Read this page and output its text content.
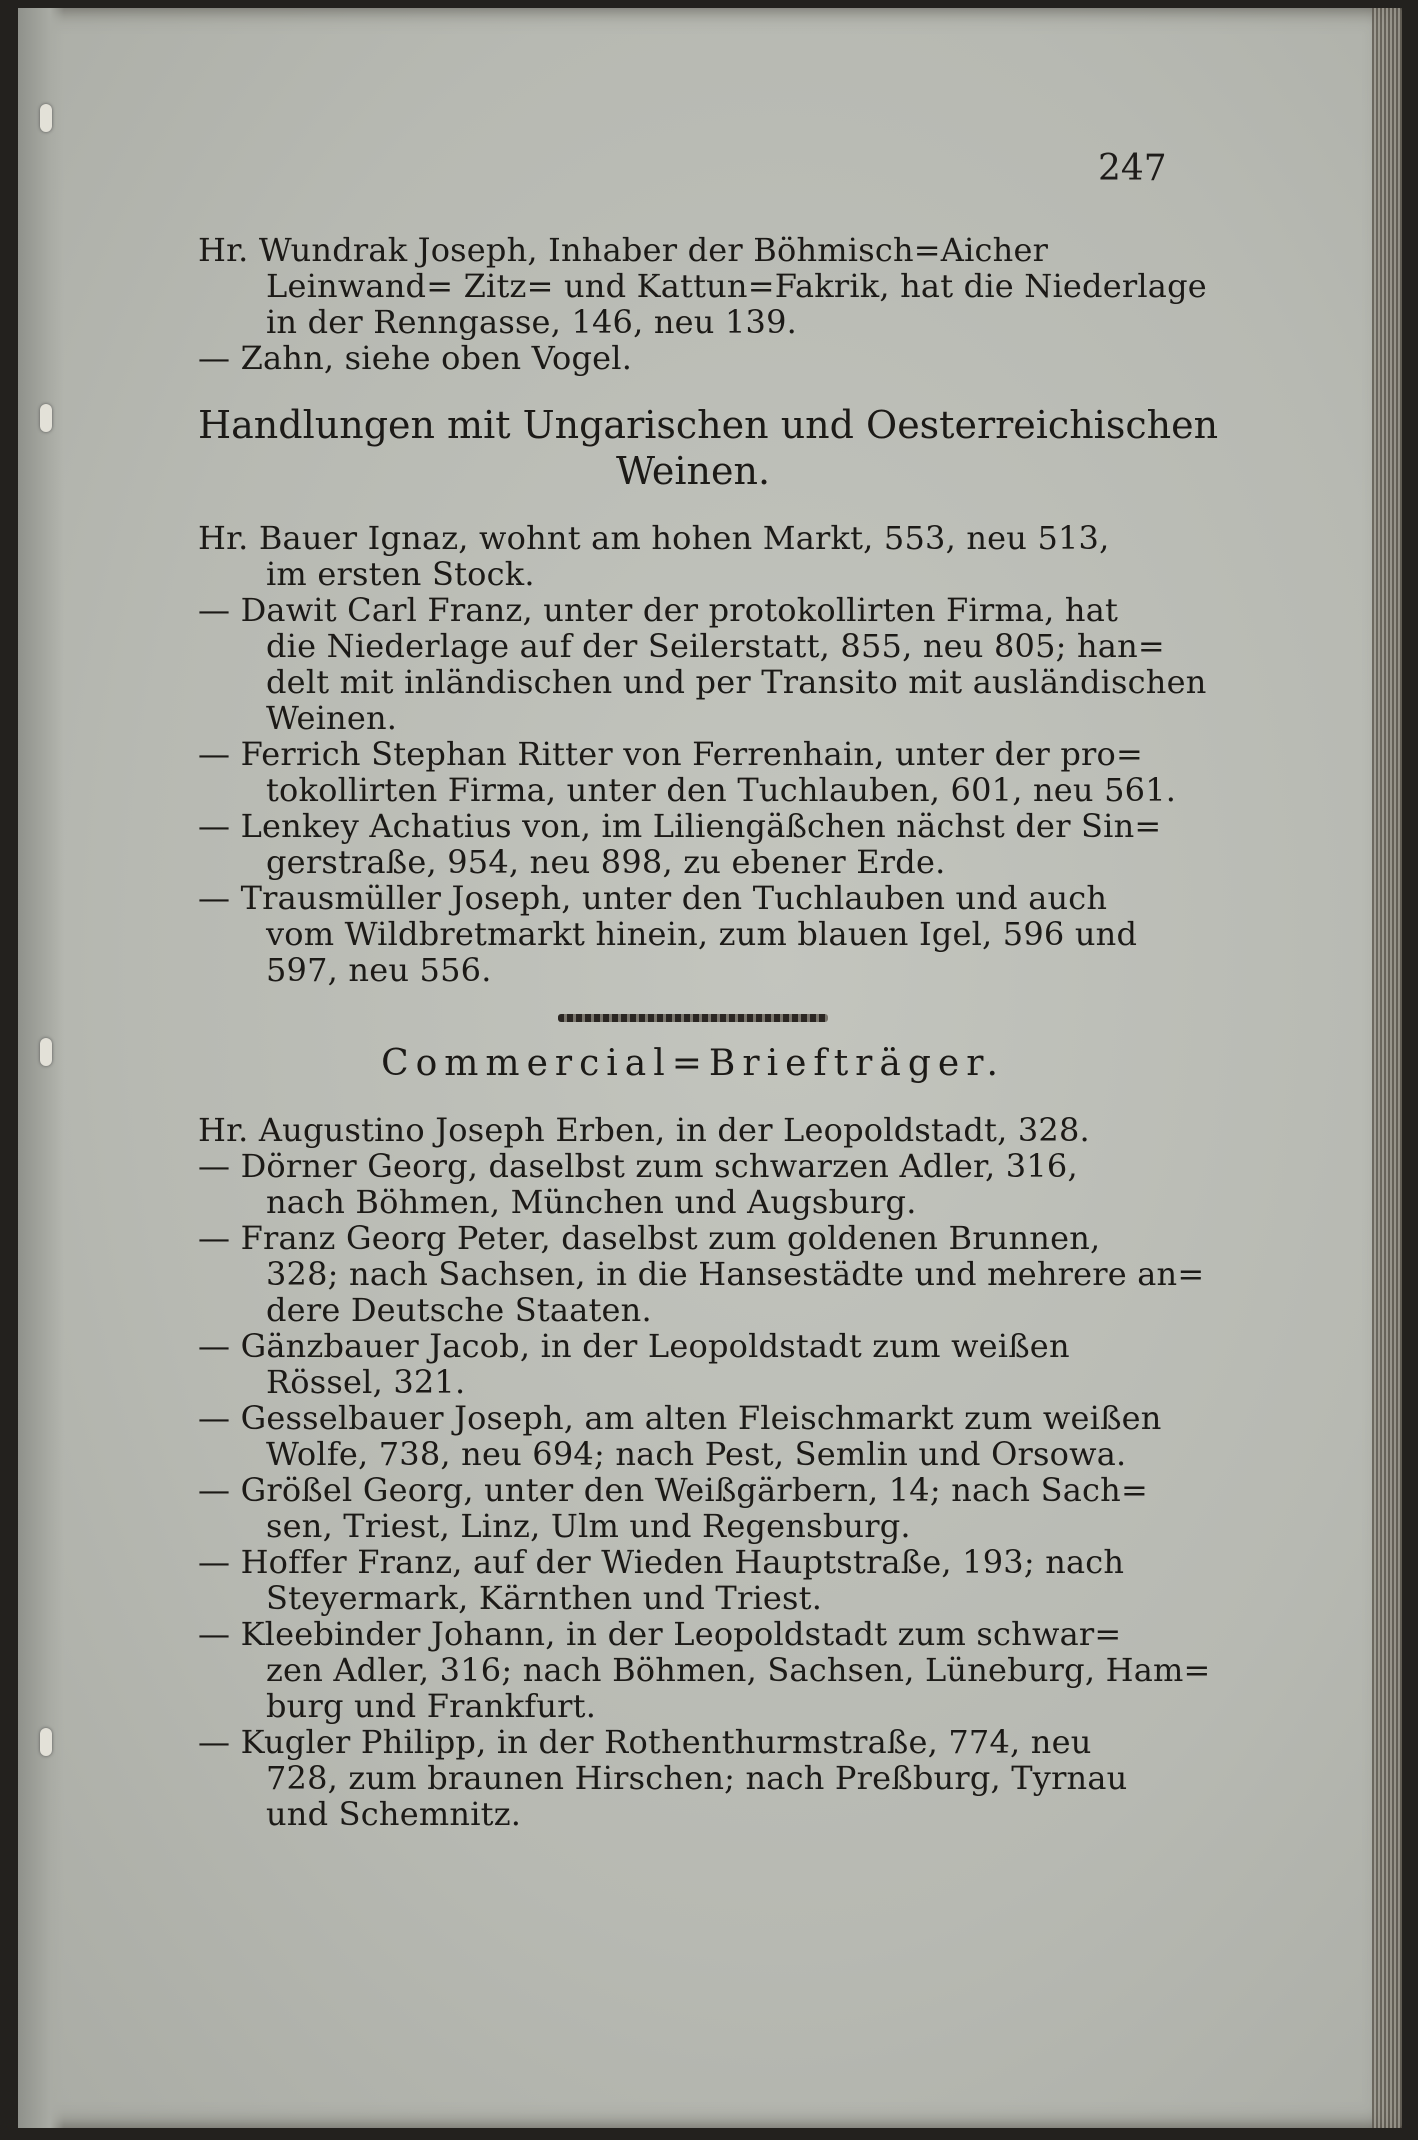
247
Hr. Wundrak Joseph, Inhaber der Böhmisch=Aicher
Leinwand= Zitz= und Kattun=Fakrik, hat die Niederlage
in der Renngasse, 146, neu 139.
— Zahn, siehe oben Vogel.
Handlungen mit Ungarischen und Oesterreichischen
Weinen.
Hr. Bauer Ignaz, wohnt am hohen Markt, 553, neu 513,
im ersten Stock.
— Dawit Carl Franz, unter der protokollirten Firma, hat
die Niederlage auf der Seilerstatt, 855, neu 805; han=
delt mit inländischen und per Transito mit ausländischen
Weinen.
— Ferrich Stephan Ritter von Ferrenhain, unter der pro=
tokollirten Firma, unter den Tuchlauben, 601, neu 561.
— Lenkey Achatius von, im Liliengäßchen nächst der Sin=
gerstraße, 954, neu 898, zu ebener Erde.
— Trausmüller Joseph, unter den Tuchlauben und auch
vom Wildbretmarkt hinein, zum blauen Igel, 596 und
597, neu 556.
Commercial=Briefträger.
Hr. Augustino Joseph Erben, in der Leopoldstadt, 328.
— Dörner Georg, daselbst zum schwarzen Adler, 316,
nach Böhmen, München und Augsburg.
— Franz Georg Peter, daselbst zum goldenen Brunnen,
328; nach Sachsen, in die Hansestädte und mehrere an=
dere Deutsche Staaten.
— Gänzbauer Jacob, in der Leopoldstadt zum weißen
Rössel, 321.
— Gesselbauer Joseph, am alten Fleischmarkt zum weißen
Wolfe, 738, neu 694; nach Pest, Semlin und Orsowa.
— Größel Georg, unter den Weißgärbern, 14; nach Sach=
sen, Triest, Linz, Ulm und Regensburg.
— Hoffer Franz, auf der Wieden Hauptstraße, 193; nach
Steyermark, Kärnthen und Triest.
— Kleebinder Johann, in der Leopoldstadt zum schwar=
zen Adler, 316; nach Böhmen, Sachsen, Lüneburg, Ham=
burg und Frankfurt.
— Kugler Philipp, in der Rothenthurmstraße, 774, neu
728, zum braunen Hirschen; nach Preßburg, Tyrnau
und Schemnitz.
